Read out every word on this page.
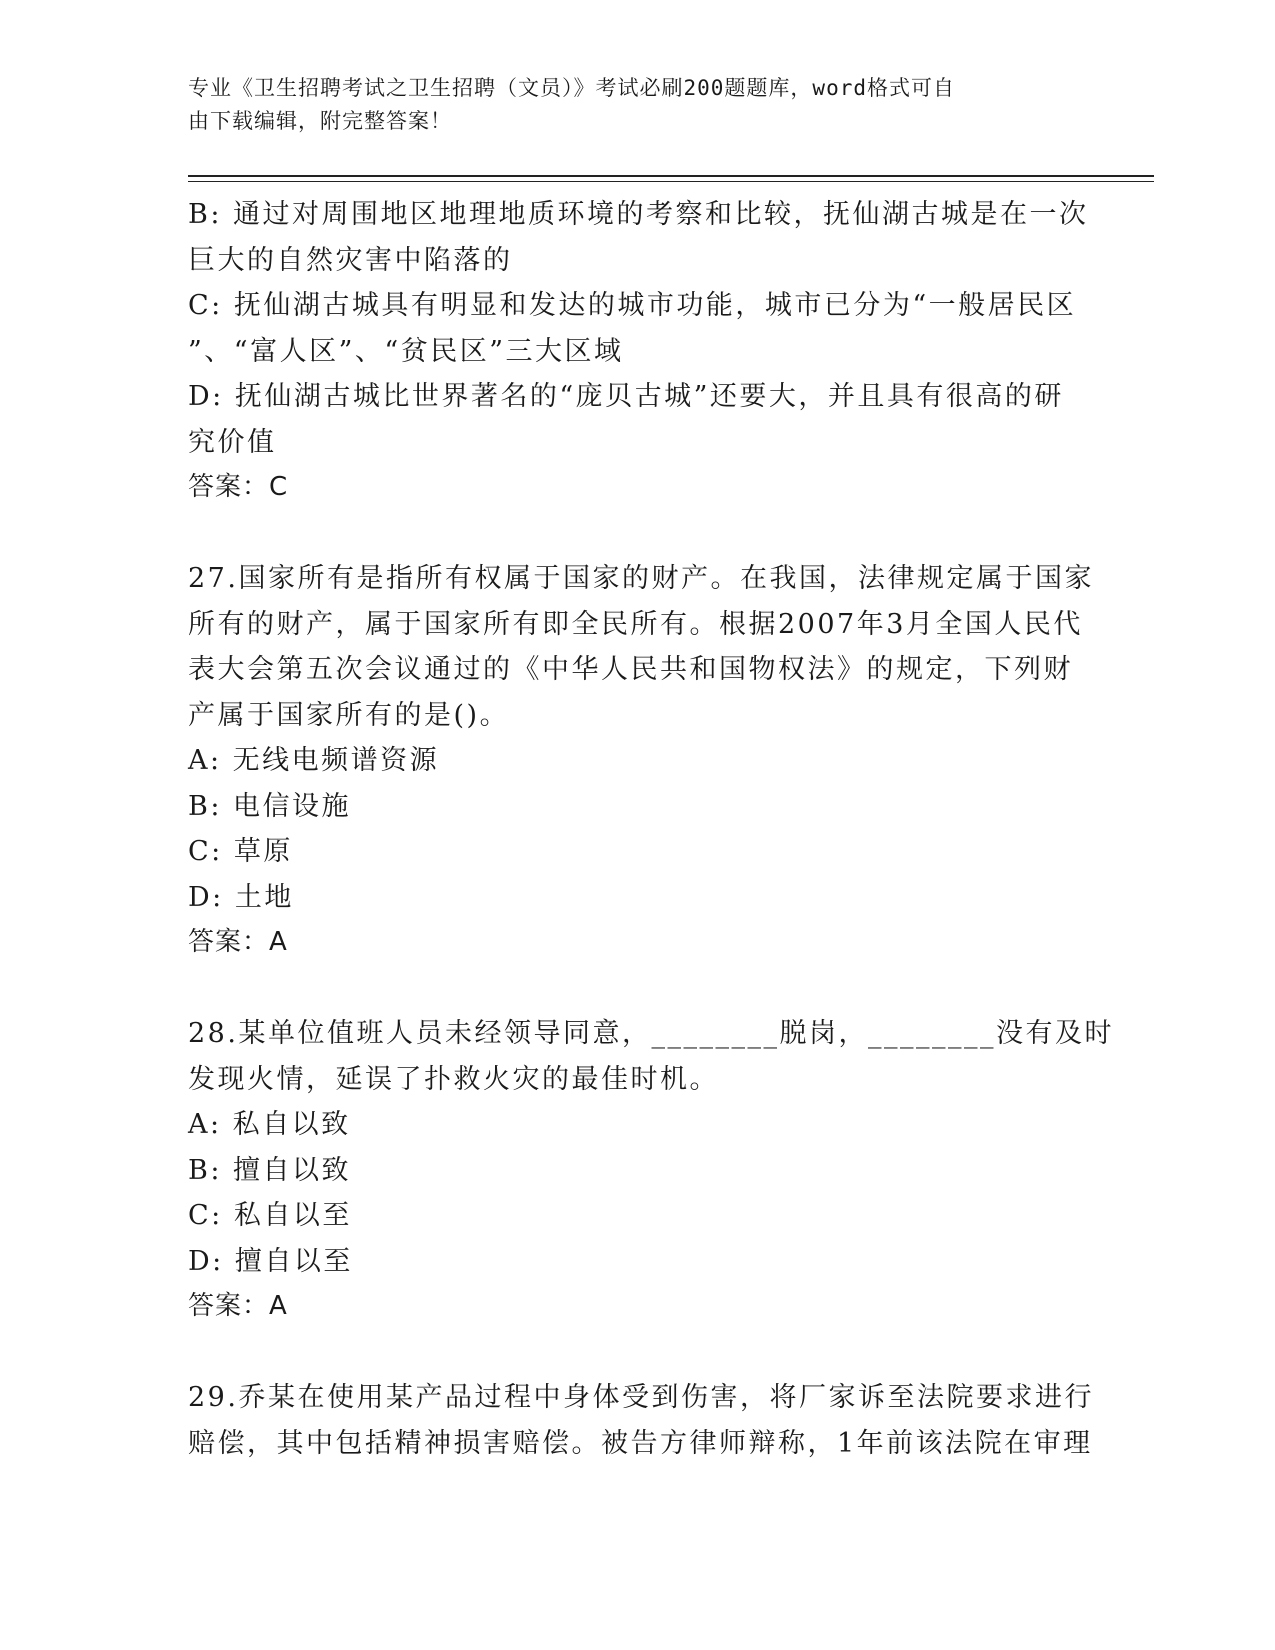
专业《卫生招聘考试之卫生招聘（文员）》考试必刷200题题库，word格式可自
由下载编辑，附完整答案！
B: 通过对周围地区地理地质环境的考察和比较，抚仙湖古城是在一次
巨大的自然灾害中陷落的
C: 抚仙湖古城具有明显和发达的城市功能，城市已分为“一般居民区
”、“富人区”、“贫民区”三大区域
D: 抚仙湖古城比世界著名的“庞贝古城”还要大，并且具有很高的研
究价值
答案：C
27.国家所有是指所有权属于国家的财产。在我国，法律规定属于国家
所有的财产，属于国家所有即全民所有。根据2007年3月全国人民代
表大会第五次会议通过的《中华人民共和国物权法》的规定，下列财
产属于国家所有的是()。
A: 无线电频谱资源
B: 电信设施
C: 草原
D: 土地
答案：A
28.某单位值班人员未经领导同意，________脱岗，________没有及时
发现火情，延误了扑救火灾的最佳时机。
A: 私自以致
B: 擅自以致
C: 私自以至
D: 擅自以至
答案：A
29.乔某在使用某产品过程中身体受到伤害，将厂家诉至法院要求进行
赔偿，其中包括精神损害赔偿。被告方律师辩称，1年前该法院在审理
